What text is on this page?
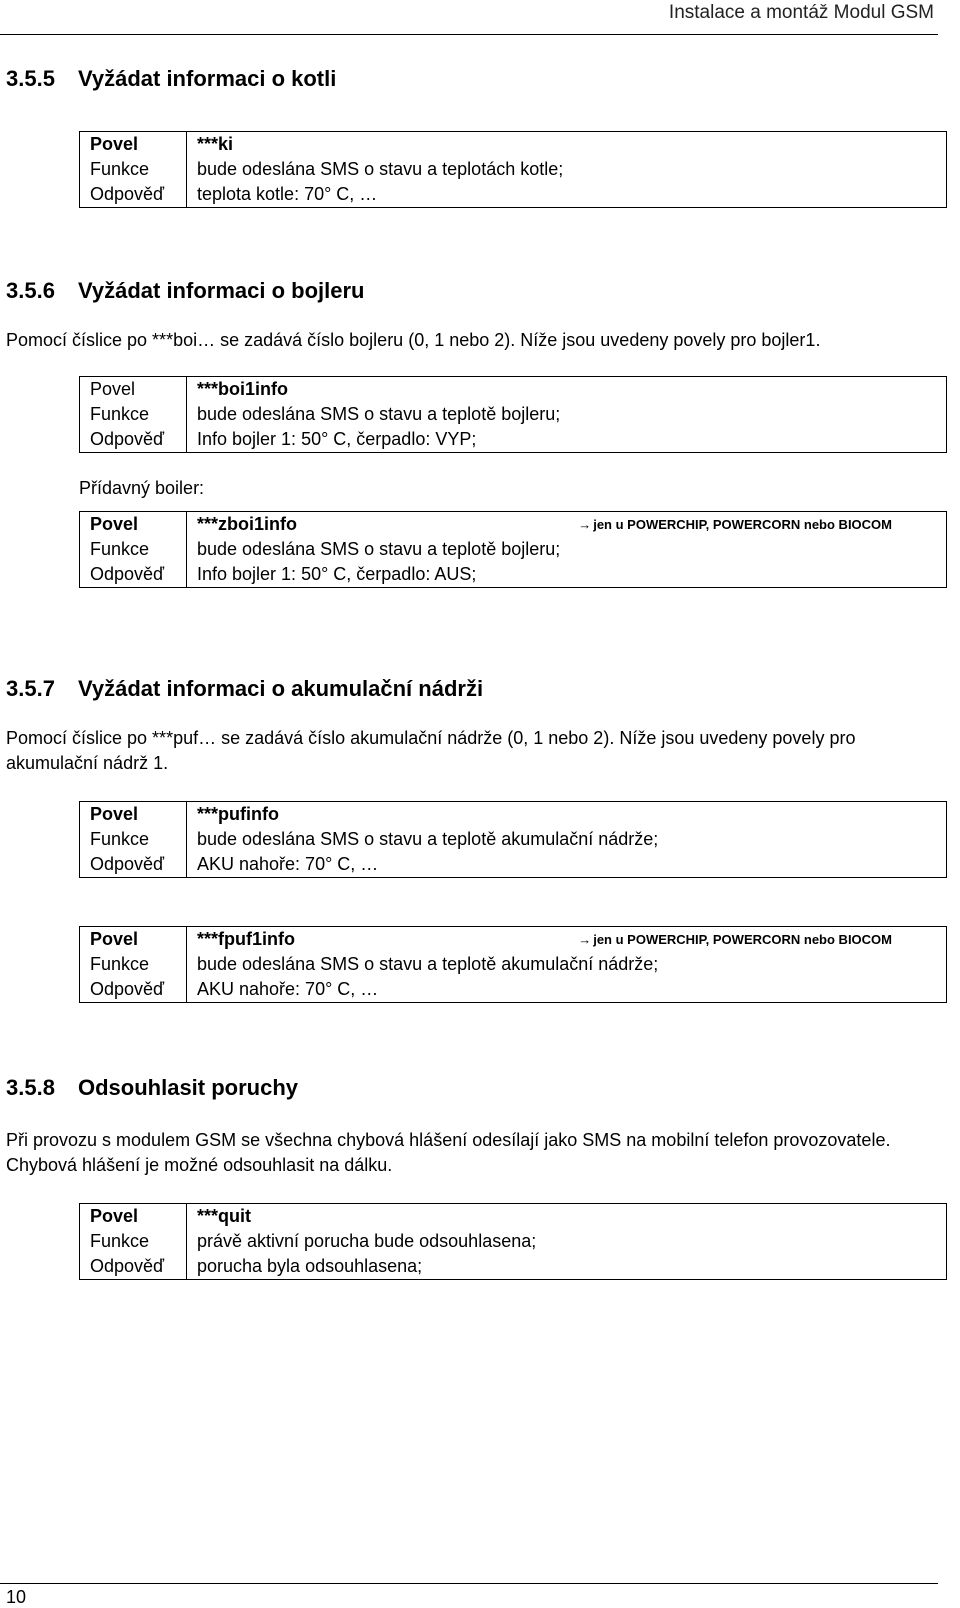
Instalace a montáž Modul GSM
3.5.5 Vyžádat informaci o kotli
Povel	***ki
Funkce	bude odeslána SMS o stavu a teplotách kotle;
Odpověď	teplota kotle: 70° C, …
3.5.6 Vyžádat informaci o bojleru
Pomocí číslice po ***boi… se zadává číslo bojleru (0, 1 nebo 2). Níže jsou uvedeny povely pro bojler1.
Povel	***boi1info
Funkce	bude odeslána SMS o stavu a teplotě bojleru;
Odpověď	Info bojler 1: 50° C, čerpadlo: VYP;
Přídavný boiler:
Povel	***zboi1info → jen u POWERCHIP, POWERCORN nebo BIOCOM

Funkce	bude odeslána SMS o stavu a teplotě bojleru;
Odpověď	Info bojler 1: 50° C, čerpadlo: AUS;
3.5.7 Vyžádat informaci o akumulační nádrži
Pomocí číslice po ***puf… se zadává číslo akumulační nádrže (0, 1 nebo 2). Níže jsou uvedeny povely pro akumulační nádrž 1.
Povel	***pufinfo
Funkce	bude odeslána SMS o stavu a teplotě akumulační nádrže;
Odpověď	AKU nahoře: 70° C, …
Povel	***fpuf1info → jen u POWERCHIP, POWERCORN nebo BIOCOM

Funkce	bude odeslána SMS o stavu a teplotě akumulační nádrže;
Odpověď	AKU nahoře: 70° C, …
3.5.8 Odsouhlasit poruchy
Při provozu s modulem GSM se všechna chybová hlášení odesílají jako SMS na mobilní telefon provozovatele. Chybová hlášení je možné odsouhlasit na dálku.
Povel	***quit
Funkce	právě aktivní porucha bude odsouhlasena;
Odpověď	porucha byla odsouhlasena;
10
